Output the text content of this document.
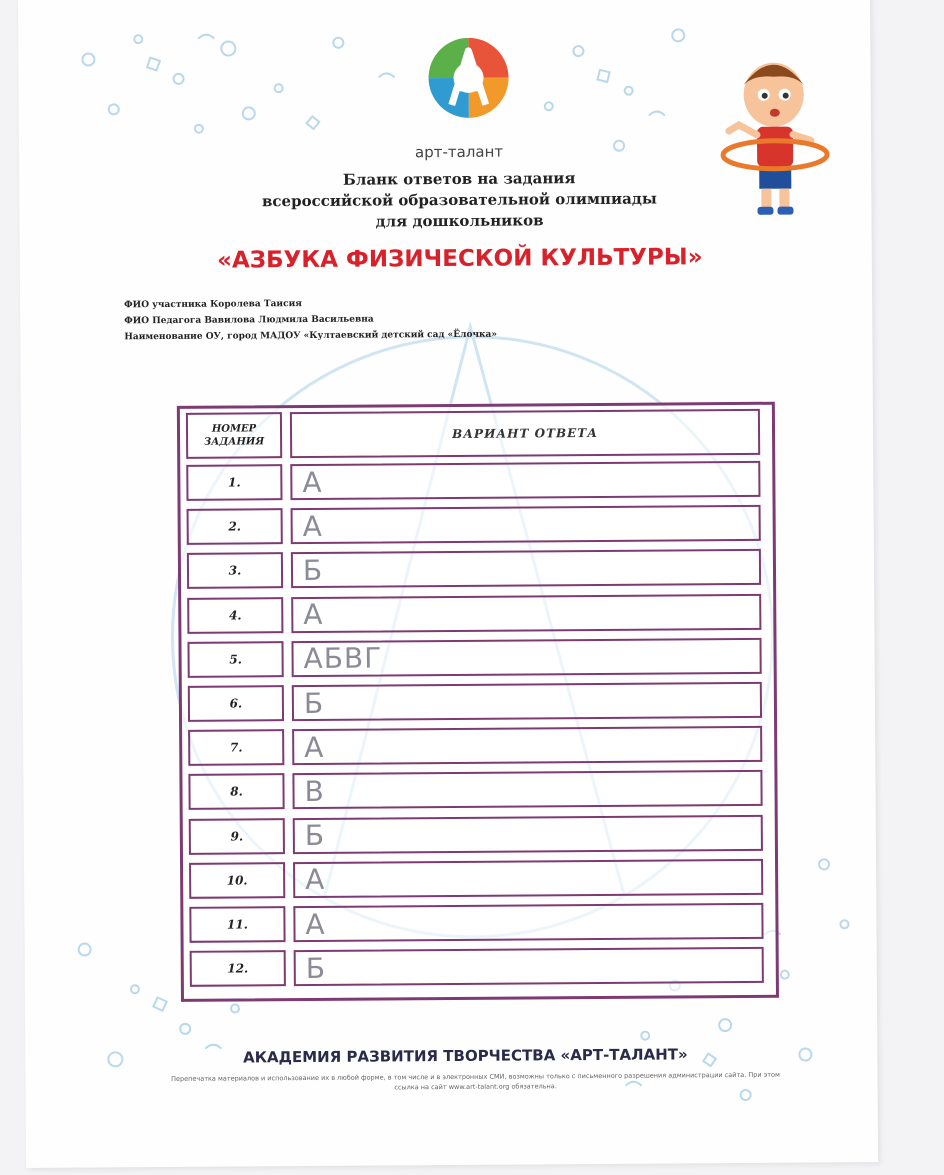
арт-талант
Бланк ответов на задания
всероссийской образовательной олимпиады
для дошкольников
«АЗБУКА ФИЗИЧЕСКОЙ КУЛЬТУРЫ»
ФИО участника Королева Таисия
ФИО Педагога Вавилова Людмила Васильевна
Наименование ОУ, город МАДОУ «Култаевский детский сад «Ёлочка»
НОМЕР ЗАДАНИЯ
ВАРИАНТ ОТВЕТА
1.	А
2.	А
3.	Б
4.	А
5.	АБВГ
6.	Б
7.	А
8.	В
9.	Б
10.	А
11.	А
12.	Б
АКАДЕМИЯ РАЗВИТИЯ ТВОРЧЕСТВА «АРТ-ТАЛАНТ»
Перепечатка материалов и использование их в любой форме, в том числе и в электронных СМИ, возможны только с письменного разрешения администрации сайта. При этом ссылка на сайт www.art-talant.org обязательна.
